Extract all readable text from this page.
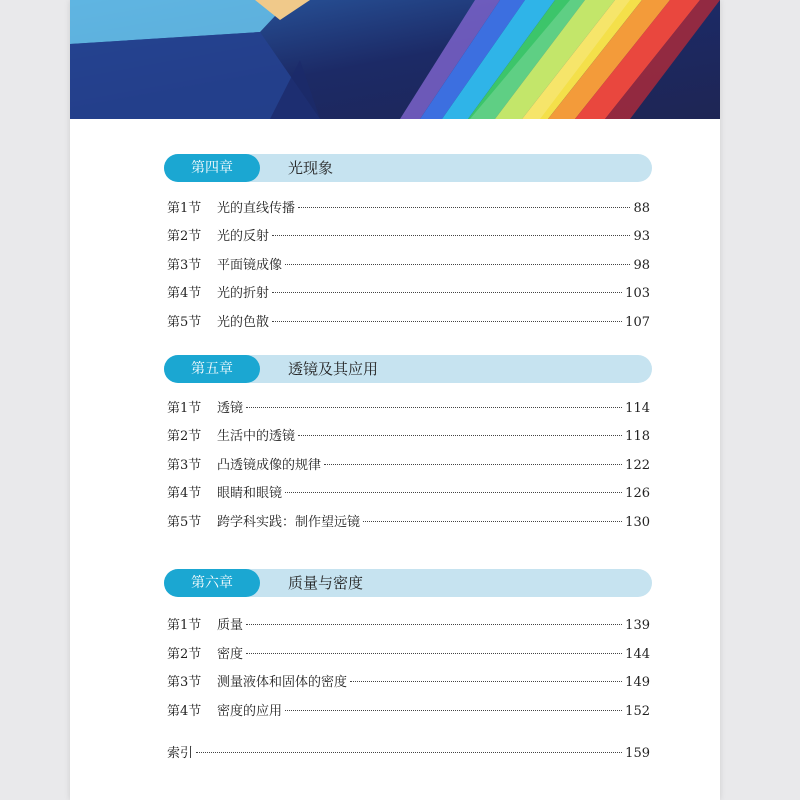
第四章	光现象
第1节	光的直线传播	88
第2节	光的反射	93
第3节	平面镜成像	98
第4节	光的折射	103
第5节	光的色散	107
第五章	透镜及其应用
第1节	透镜	114
第2节	生活中的透镜	118
第3节	凸透镜成像的规律	122
第4节	眼睛和眼镜	126
第5节	跨学科实践：制作望远镜	130
第六章	质量与密度
第1节	质量	139
第2节	密度	144
第3节	测量液体和固体的密度	149
第4节	密度的应用	152
索引	159
